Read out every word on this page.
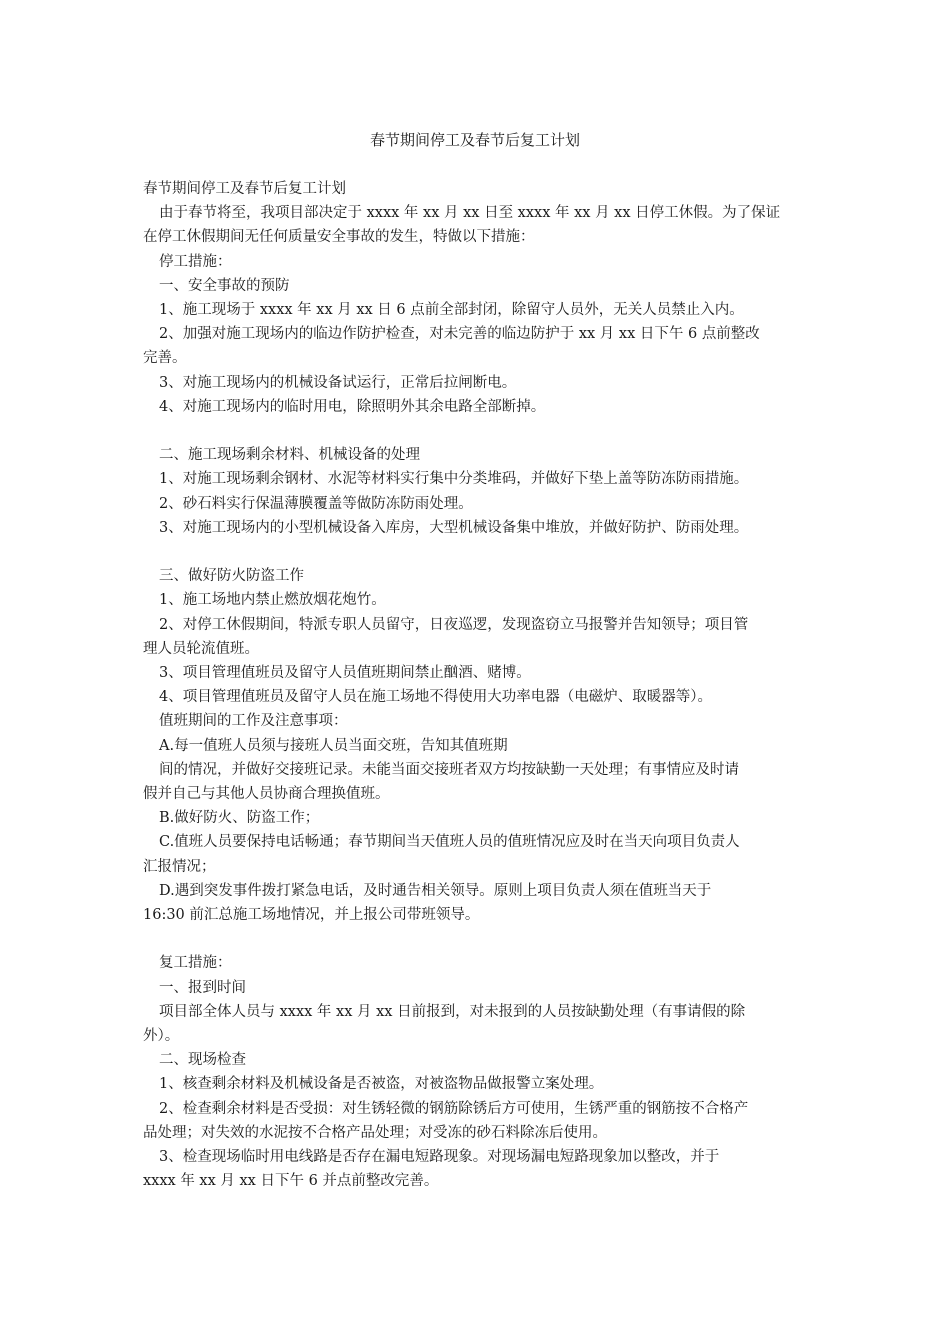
春节期间停工及春节后复工计划

春节期间停工及春节后复工计划

由于春节将至，我项目部决定于 xxxx 年 xx 月 xx 日至 xxxx 年 xx 月 xx 日停工休假。为了保证

在停工休假期间无任何质量安全事故的发生，特做以下措施：

停工措施：

一、安全事故的预防

1、施工现场于 xxxx 年 xx 月 xx 日 6 点前全部封闭，除留守人员外，无关人员禁止入内。

2、加强对施工现场内的临边作防护检查，对未完善的临边防护于 xx 月 xx 日下午 6 点前整改

完善。

3、对施工现场内的机械设备试运行，正常后拉闸断电。

4、对施工现场内的临时用电，除照明外其余电路全部断掉。

二、施工现场剩余材料、机械设备的处理

1、对施工现场剩余钢材、水泥等材料实行集中分类堆码，并做好下垫上盖等防冻防雨措施。

2、砂石料实行保温薄膜覆盖等做防冻防雨处理。

3、对施工现场内的小型机械设备入库房，大型机械设备集中堆放，并做好防护、防雨处理。

三、做好防火防盗工作

1、施工场地内禁止燃放烟花炮竹。

2、对停工休假期间，特派专职人员留守，日夜巡逻，发现盗窃立马报警并告知领导；项目管

理人员轮流值班。

3、项目管理值班员及留守人员值班期间禁止酗酒、赌博。

4、项目管理值班员及留守人员在施工场地不得使用大功率电器（电磁炉、取暖器等）。

值班期间的工作及注意事项：

A.每一值班人员须与接班人员当面交班，告知其值班期

间的情况，并做好交接班记录。未能当面交接班者双方均按缺勤一天处理；有事情应及时请

假并自己与其他人员协商合理换值班。

B.做好防火、防盗工作；

C.值班人员要保持电话畅通；春节期间当天值班人员的值班情况应及时在当天向项目负责人

汇报情况；

D.遇到突发事件拨打紧急电话，及时通告相关领导。原则上项目负责人须在值班当天于

16:30 前汇总施工场地情况，并上报公司带班领导。

复工措施：

一、报到时间

项目部全体人员与 xxxx 年 xx 月 xx 日前报到，对未报到的人员按缺勤处理（有事请假的除

外）。

二、现场检查

1、核查剩余材料及机械设备是否被盗，对被盗物品做报警立案处理。

2、检查剩余材料是否受损：对生锈轻微的钢筋除锈后方可使用，生锈严重的钢筋按不合格产

品处理；对失效的水泥按不合格产品处理；对受冻的砂石料除冻后使用。

3、检查现场临时用电线路是否存在漏电短路现象。对现场漏电短路现象加以整改，并于

xxxx 年 xx 月 xx 日下午 6 并点前整改完善。
